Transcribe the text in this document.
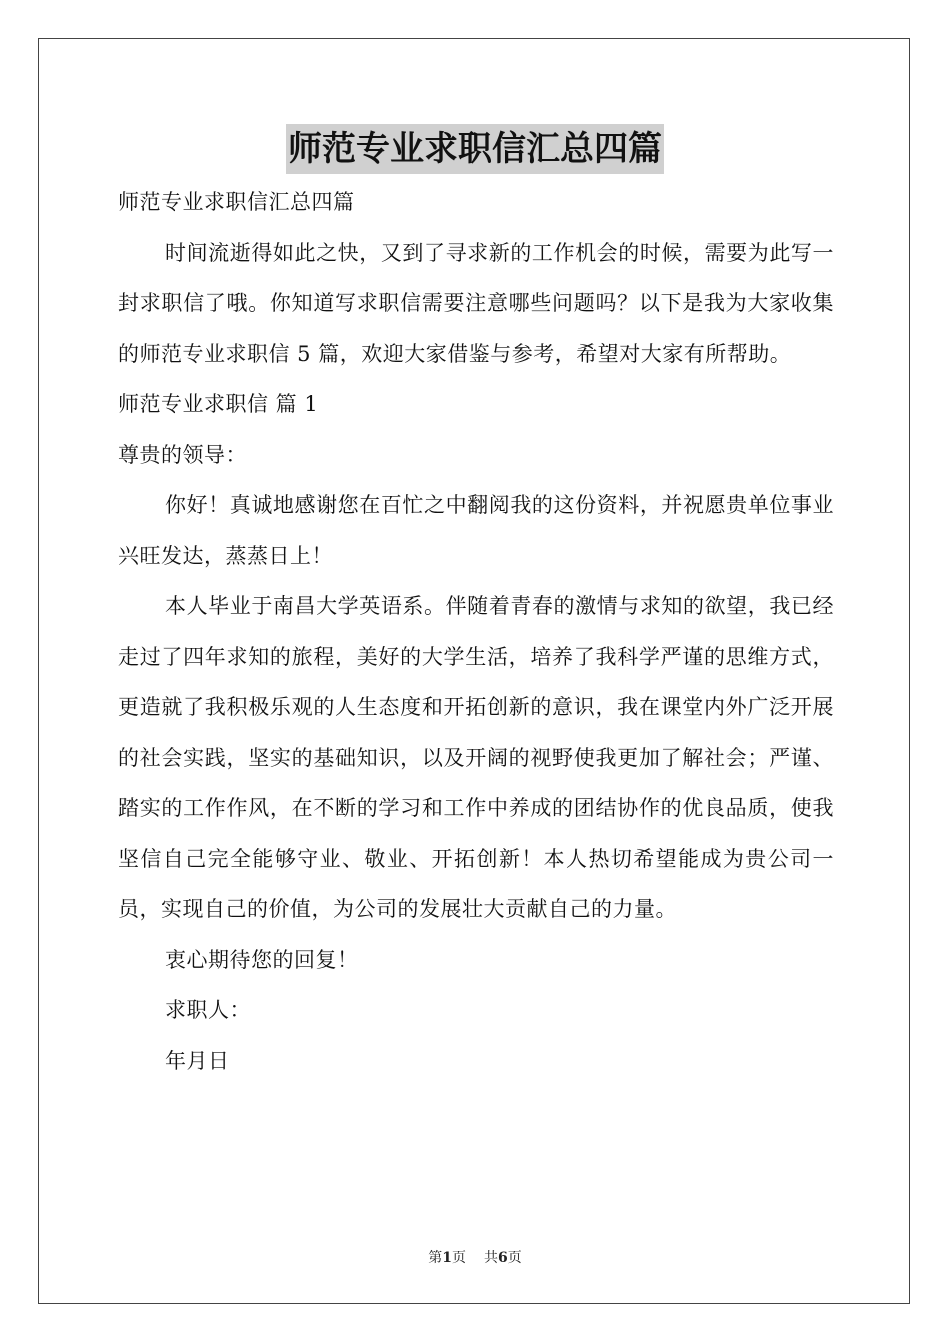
师范专业求职信汇总四篇

师范专业求职信汇总四篇

时间流逝得如此之快，又到了寻求新的工作机会的时候，需要为此写一封求职信了哦。你知道写求职信需要注意哪些问题吗？以下是我为大家收集的师范专业求职信 5 篇，欢迎大家借鉴与参考，希望对大家有所帮助。

师范专业求职信 篇 1

尊贵的领导：

你好！真诚地感谢您在百忙之中翻阅我的这份资料，并祝愿贵单位事业兴旺发达，蒸蒸日上！

本人毕业于南昌大学英语系。伴随着青春的激情与求知的欲望，我已经走过了四年求知的旅程，美好的大学生活，培养了我科学严谨的思维方式，更造就了我积极乐观的人生态度和开拓创新的意识，我在课堂内外广泛开展的社会实践，坚实的基础知识，以及开阔的视野使我更加了解社会；严谨、踏实的工作作风，在不断的学习和工作中养成的团结协作的优良品质，使我坚信自己完全能够守业、敬业、开拓创新！本人热切希望能成为贵公司一员，实现自己的价值，为公司的发展壮大贡献自己的力量。

衷心期待您的回复！

求职人：

年月日

第1页 共6页
